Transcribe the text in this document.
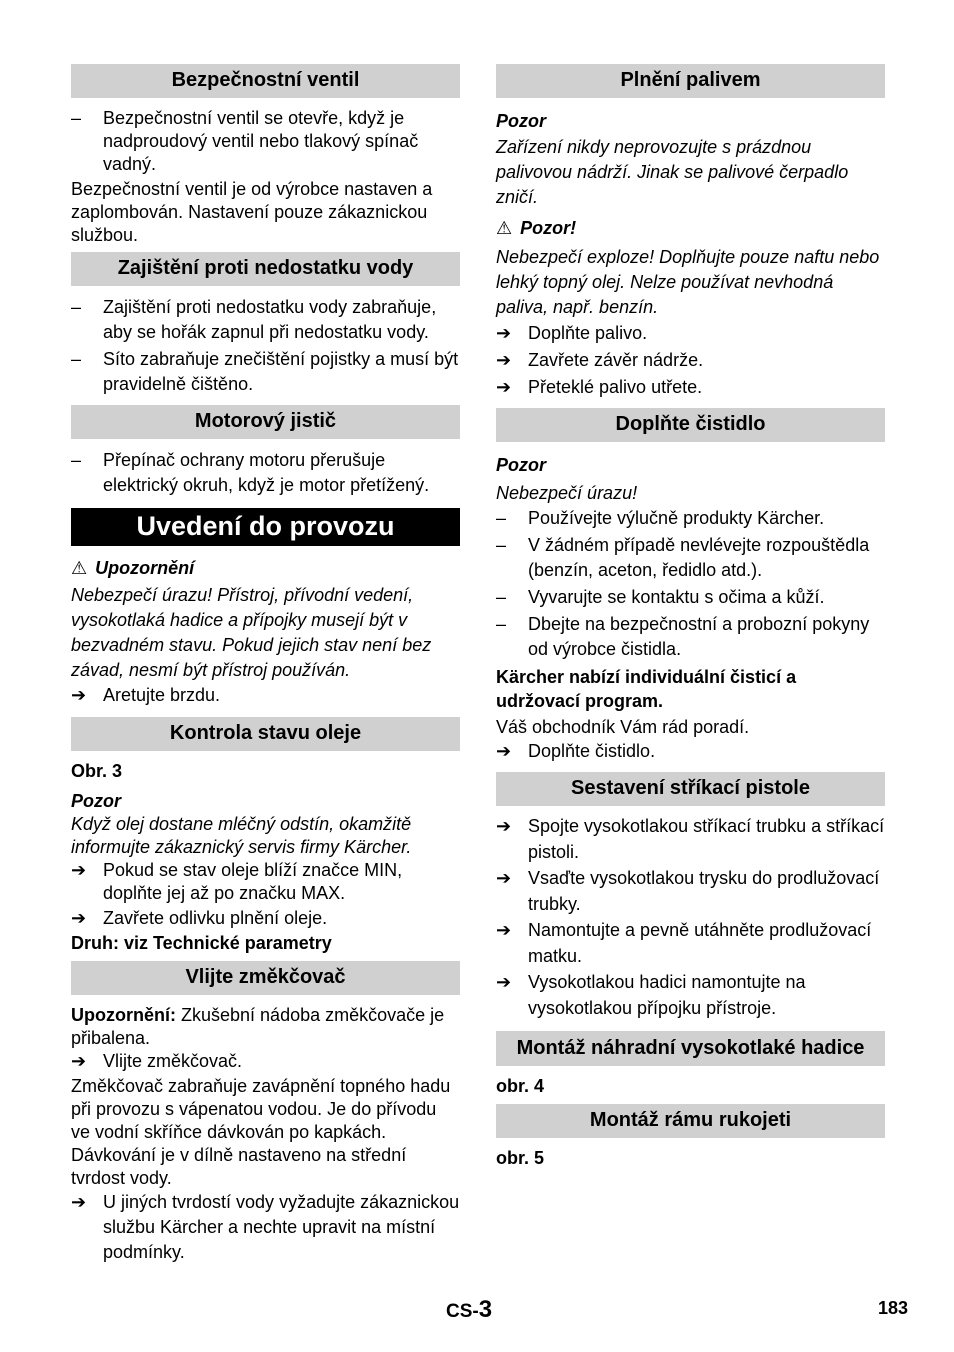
Bezpečnostní ventil
– Bezpečnostní ventil se otevře, když je nadproudový ventil nebo tlakový spínač vadný.
Bezpečnostní ventil je od výrobce nastaven a zaplombován. Nastavení pouze zákaznickou službou.
Zajištění proti nedostatku vody
– Zajištění proti nedostatku vody zabraňuje, aby se hořák zapnul při nedostatku vody.
– Síto zabraňuje znečištění pojistky a musí být pravidelně čištěno.
Motorový jistič
– Přepínač ochrany motoru přerušuje elektrický okruh, když je motor přetížený.
Uvedení do provozu
⚠ Upozornění
Nebezpečí úrazu! Přístroj, přívodní vedení, vysokotlaká hadice a přípojky musejí být v bezvadném stavu. Pokud jejich stav není bez závad, nesmí být přístroj používán.
➔ Aretujte brzdu.
Kontrola stavu oleje
Obr. 3
Pozor
Když olej dostane mléčný odstín, okamžitě informujte zákaznický servis firmy Kärcher.
➔ Pokud se stav oleje blíží značce MIN, doplňte jej až po značku MAX.
➔ Zavřete odlivku plnění oleje.
Druh: viz Technické parametry
Vlijte změkčovač
Upozornění: Zkušební nádoba změkčovače je přibalena.
➔ Vlijte změkčovač.
Změkčovač zabraňuje zavápnění topného hadu při provozu s vápenatou vodou. Je do přívodu ve vodní skříňce dávkován po kapkách.
Dávkování je v dílně nastaveno na střední tvrdost vody.
➔ U jiných tvrdostí vody vyžadujte zákaznickou službu Kärcher a nechte upravit na místní podmínky.
Plnění palivem
Pozor
Zařízení nikdy neprovozujte s prázdnou palivovou nádrží. Jinak se palivové čerpadlo zničí.
⚠ Pozor!
Nebezpečí exploze! Doplňujte pouze naftu nebo lehký topný olej. Nelze používat nevhodná paliva, např. benzín.
➔ Doplňte palivo.
➔ Zavřete závěr nádrže.
➔ Přeteklé palivo utřete.
Doplňte čistidlo
Pozor
Nebezpečí úrazu!
– Používejte výlučně produkty Kärcher.
– V žádném případě nevlévejte rozpouštědla (benzín, aceton, ředidlo atd.).
– Vyvarujte se kontaktu s očima a kůží.
– Dbejte na bezpečnostní a probozní pokyny od výrobce čistidla.
Kärcher nabízí individuální čisticí a udržovací program.
Váš obchodník Vám rád poradí.
➔ Doplňte čistidlo.
Sestavení stříkací pistole
➔ Spojte vysokotlakou stříkací trubku a stříkací pistoli.
➔ Vsaďte vysokotlakou trysku do prodlužovací trubky.
➔ Namontujte a pevně utáhněte prodlužovací matku.
➔ Vysokotlakou hadici namontujte na vysokotlakou přípojku přístroje.
Montáž náhradní vysokotlaké hadice
obr. 4
Montáž rámu rukojeti
obr. 5
CS-3	183
